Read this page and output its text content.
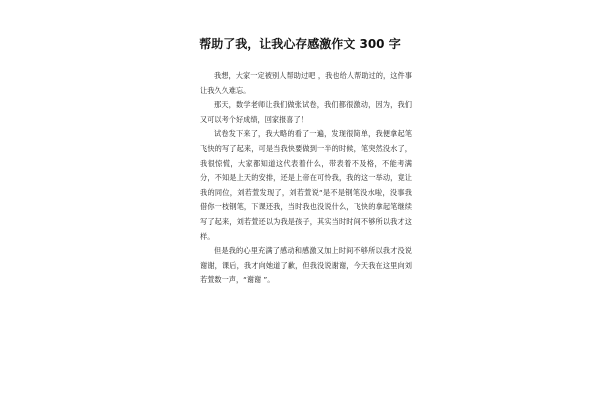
帮助了我，让我心存感激作文 300 字

我想，大家一定被别人帮助过吧 ，我也给人帮助过的，这件事让我久久难忘。

那天，数学老师让我们做张试卷，我们都很激动，因为，我们又可以考个好成绩，回家报喜了！

试卷发下来了，我大略的看了一遍，发现很简单，我便拿起笔飞快的写了起来，可是当我快要做到一半的时候，笔突然没水了，我很惊慌，大家都知道这代表着什么，带表着不及格，不能考满分，不知是上天的安排，还是上帝在可怜我，我的这一举动，竟让我的同位，刘若萱发现了，刘若萱说“是不是钢笔没水啦，没事我借你一枝钢笔，下课还我，当时我也没说什么，飞快的拿起笔继续写了起来，刘若萱还以为我是孩子，其实当时时间不够所以我才这样。

但是我的心里充满了感动和感激又加上时间不够所以我才没说谢谢，课后，我才向她道了歉，但我没说谢谢，今天我在这里向刘若萱数一声，“谢谢 ”。
